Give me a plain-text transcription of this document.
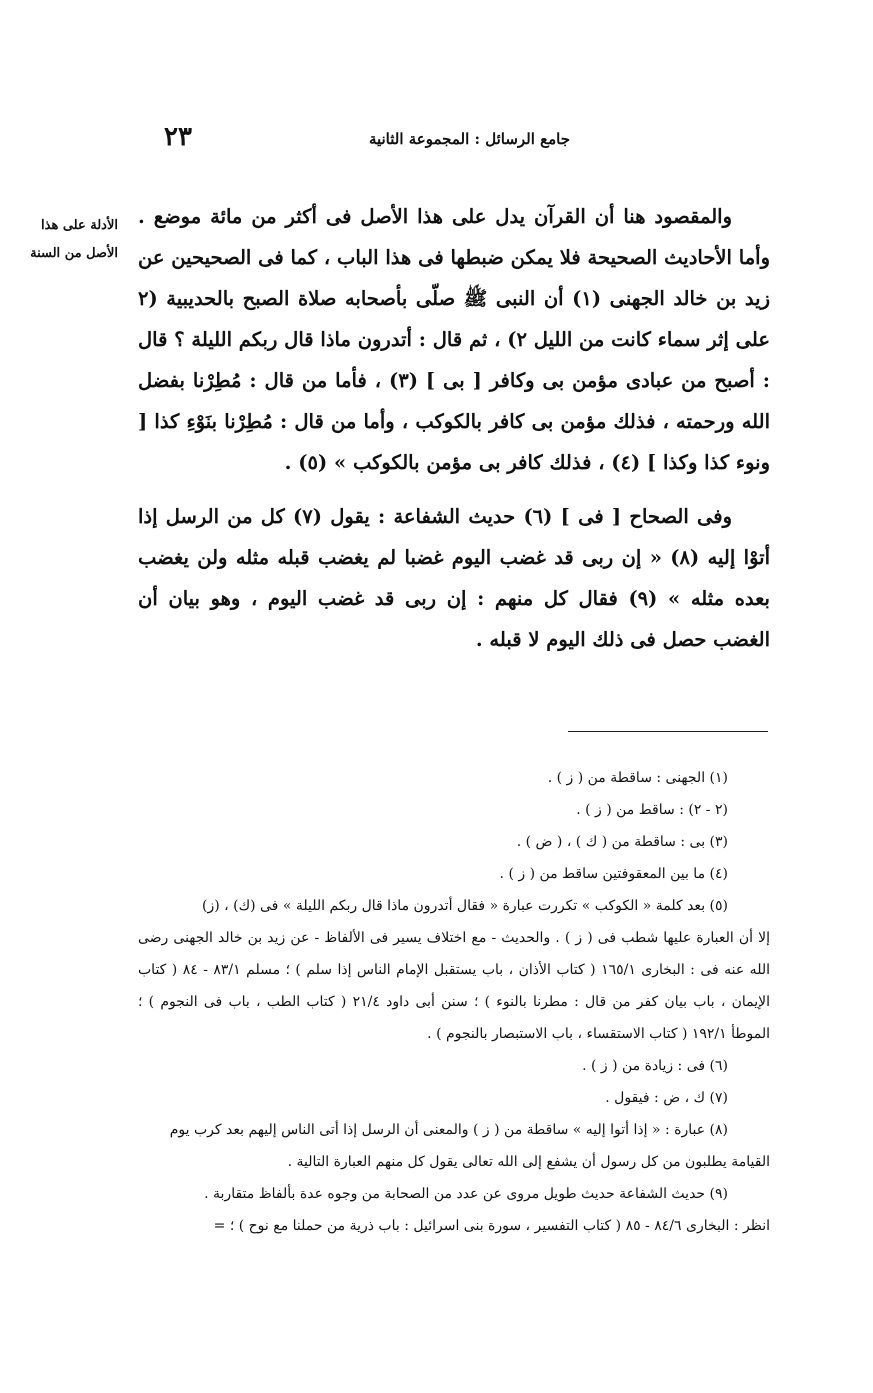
جامع الرسائل : المجموعة الثانية
٢٣
الأدلة على هذا
الأصل من السنة

والمقصود هنا أن القرآن يدل على هذا الأصل فى أكثر من مائة موضع . وأما الأحاديث الصحيحة فلا يمكن ضبطها فى هذا الباب ، كما فى الصحيحين عن زيد بن خالد الجهنى (١) أن النبى ﷺ صلّى بأصحابه صلاة الصبح بالحديبية (٢ على إثر سماء كانت من الليل ٢) ، ثم قال : أتدرون ماذا قال ربكم الليلة ؟ قال : أصبح من عبادى مؤمن بى وكافر [ بى ] (٣) ، فأما من قال : مُطِرْنا بفضل الله ورحمته ، فذلك مؤمن بى كافر بالكوكب ، وأما من قال : مُطِرْنا بنَوْءِ كذا [ ونوء كذا وكذا ] (٤) ، فذلك كافر بى مؤمن بالكوكب » (٥) .

وفى الصحاح [ فى ] (٦) حديث الشفاعة : يقول (٧) كل من الرسل إذا أتوْا إليه (٨) « إن ربى قد غضب اليوم غضبا لم يغضب قبله مثله ولن يغضب بعده مثله » (٩) فقال كل منهم : إن ربى قد غضب اليوم ، وهو بيان أن الغضب حصل فى ذلك اليوم لا قبله .

(١) الجهنى : ساقطة من ( ز ) .

(٢ - ٢) : ساقط من ( ز ) .

(٣) بى : ساقطة من ( ك ) ، ( ض ) .

(٤) ما بين المعقوفتين ساقط من ( ز ) .

(٥) بعد كلمة « الكوكب » تكررت عبارة « فقال أتدرون ماذا قال ربكم الليلة » فى (ك) ، (ز)
إلا أن العبارة عليها شطب فى ( ز ) . والحديث - مع اختلاف يسير فى الألفاظ - عن زيد بن خالد الجهنى رضى الله عنه فى : البخارى ١٦٥/١ ( كتاب الأذان ، باب يستقبل الإمام الناس إذا سلم ) ؛ مسلم ٨٣/١ - ٨٤ ( كتاب الإيمان ، باب بيان كفر من قال : مطرنا بالنوء ) ؛ سنن أبى داود ٢١/٤ ( كتاب الطب ، باب فى النجوم ) ؛ الموطأ ١٩٢/١ ( كتاب الاستقساء ، باب الاستبصار بالنجوم ) .

(٦) فى : زيادة من ( ز ) .

(٧) ك ، ض : فيقول .

(٨) عبارة : « إذا أتوا إليه » ساقطة من ( ز ) والمعنى أن الرسل إذا أتى الناس إليهم بعد كرب يوم
القيامة يطلبون من كل رسول أن يشفع إلى الله تعالى يقول كل منهم العبارة التالية .
(٩) حديث الشفاعة حديث طويل مروى عن عدد من الصحابة من وجوه عدة بألفاظ متقاربة .
انظر : البخارى ٨٤/٦ - ٨٥ ( كتاب التفسير ، سورة بنى اسرائيل : باب ذرية من حملنا مع نوح ) ؛ =
